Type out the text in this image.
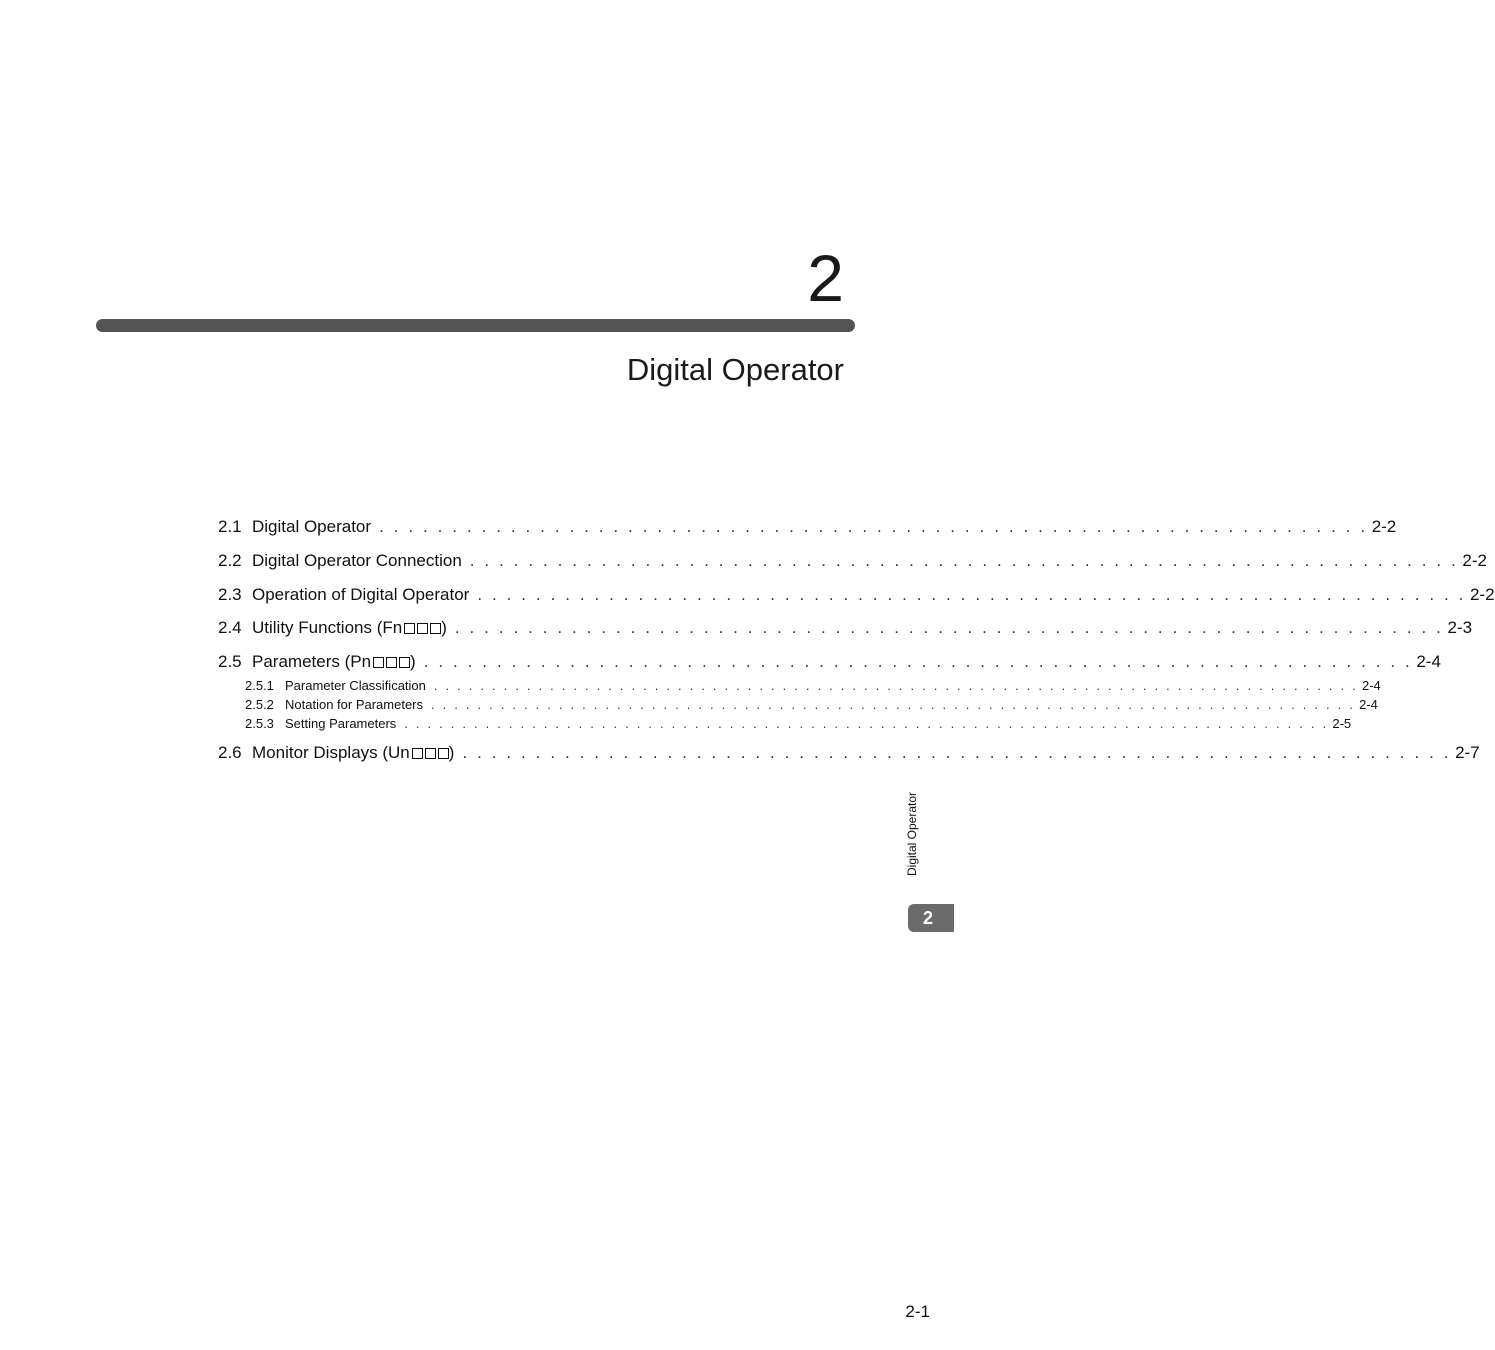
2
Digital Operator
2.1 Digital Operator . . . . . . . . . . . . . . . . . . . . . . . . . . . . . . . . . . . . . . . . . . . . . . . . . . . . . . . . . . . . . . . . . . . . 2-2
2.2 Digital Operator Connection . . . . . . . . . . . . . . . . . . . . . . . . . . . . . . . . . . . . . . . . . . . . . . . . . . . . . . . . . . . . . . . . . . . . 2-2
2.3 Operation of Digital Operator . . . . . . . . . . . . . . . . . . . . . . . . . . . . . . . . . . . . . . . . . . . . . . . . . . . . . . . . . . . . . . . . . . . . 2-2
2.4 Utility Functions (Fn ) . . . . . . . . . . . . . . . . . . . . . . . . . . . . . . . . . . . . . . . . . . . . . . . . . . . . . . . . . . . . . . . . . . . . 2-3
2.5 Parameters (Pn ) . . . . . . . . . . . . . . . . . . . . . . . . . . . . . . . . . . . . . . . . . . . . . . . . . . . . . . . . . . . . . . . . . . . . 2-4
2.5.1 Parameter Classification . . . . . . . . . . . . . . . . . . . . . . . . . . . . . . . . . . . . . . . . . . . . . . . . . . . . . . . . . . . . . . . . . . . . . . . . . . . . . . . . 2-4
2.5.2 Notation for Parameters . . . . . . . . . . . . . . . . . . . . . . . . . . . . . . . . . . . . . . . . . . . . . . . . . . . . . . . . . . . . . . . . . . . . . . . . . . . . . . . . 2-4
2.5.3 Setting Parameters . . . . . . . . . . . . . . . . . . . . . . . . . . . . . . . . . . . . . . . . . . . . . . . . . . . . . . . . . . . . . . . . . . . . . . . . . . . . . . . . 2-5
2.6 Monitor Displays (Un ) . . . . . . . . . . . . . . . . . . . . . . . . . . . . . . . . . . . . . . . . . . . . . . . . . . . . . . . . . . . . . . . . . . . . 2-7
Digital Operator
2
2-1
